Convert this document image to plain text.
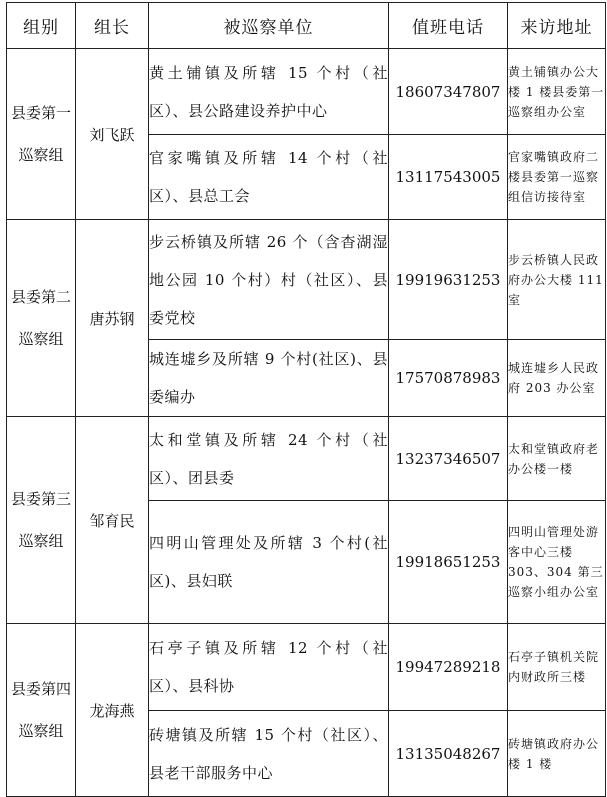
组别	组长	被巡察单位	值班电话	来访地址
县委第一巡察组	刘飞跃	黄土铺镇及所辖 15 个村（社区）、县公路建设养护中心	18607347807	黄土铺镇办公大楼 1 楼县委第一巡察组办公室
		官家嘴镇及所辖 14 个村（社区）、县总工会	13117543005	官家嘴镇政府二楼县委第一巡察组信访接待室
县委第二巡察组	唐苏钢	步云桥镇及所辖 26 个（含杳湖湿地公园 10 个村）村（社区）、县委党校	19919631253	步云桥镇人民政府办公大楼 111 室
		城连墟乡及所辖 9 个村(社区)、县委编办	17570878983	城连墟乡人民政府 203 办公室
县委第三巡察组	邹育民	太和堂镇及所辖 24 个村（社区）、团县委	13237346507	太和堂镇政府老办公楼一楼
		四明山管理处及所辖 3 个村(社区)、县妇联	19918651253	四明山管理处游客中心三楼 303、304 第三巡察小组办公室
县委第四巡察组	龙海燕	石亭子镇及所辖 12 个村（社区）、县科协	19947289218	石亭子镇机关院内财政所三楼
		砖塘镇及所辖 15 个村（社区）、县老干部服务中心	13135048267	砖塘镇政府办公楼 1 楼
